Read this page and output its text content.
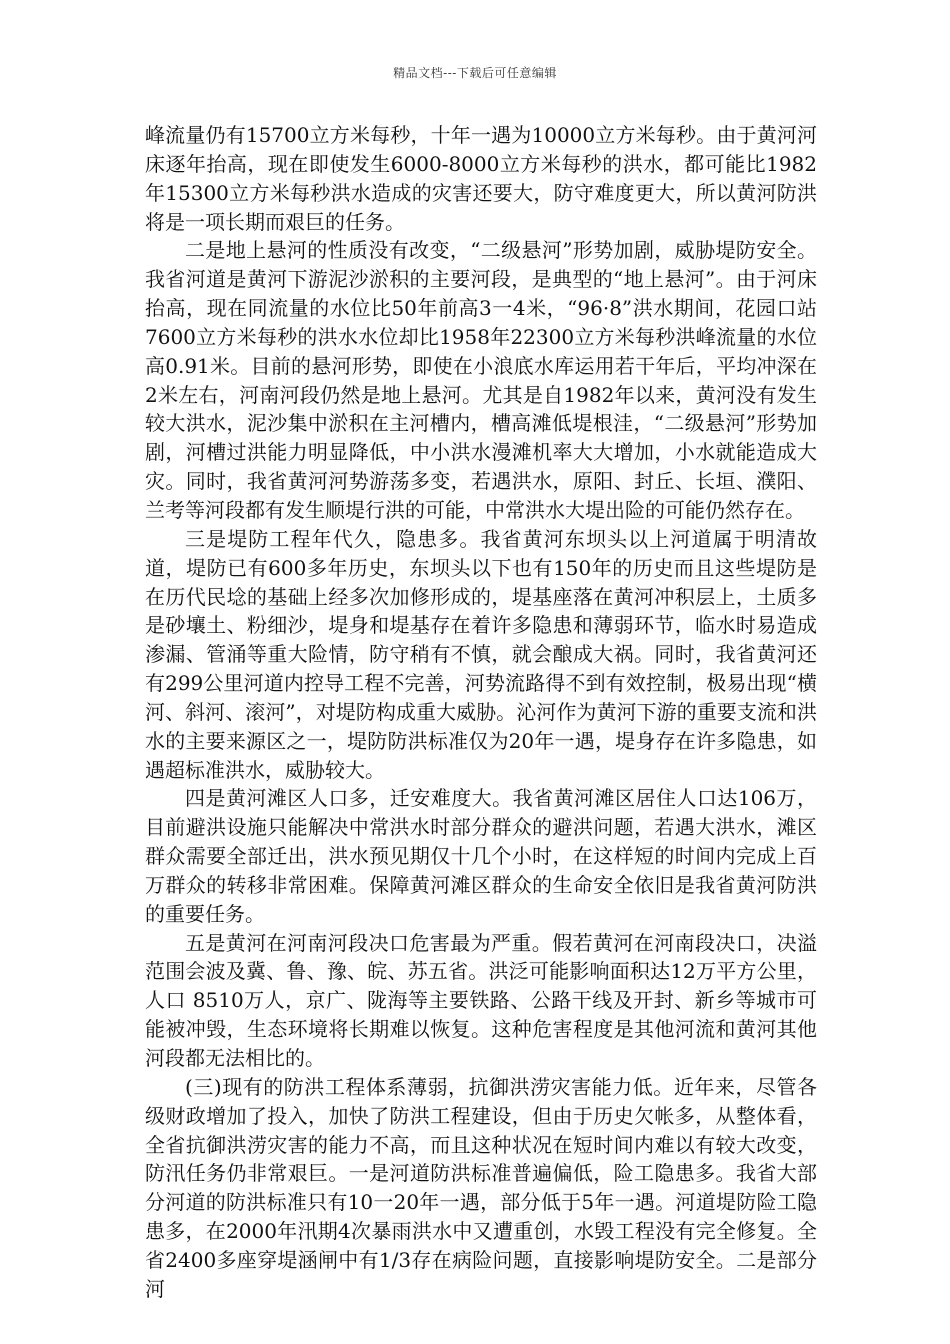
精品文档---下载后可任意编辑

峰流量仍有15700立方米每秒，十年一遇为10000立方米每秒。由于黄河河床逐年抬高，现在即使发生6000-8000立方米每秒的洪水，都可能比1982年15300立方米每秒洪水造成的灾害还要大，防守难度更大，所以黄河防洪将是一项长期而艰巨的任务。

二是地上悬河的性质没有改变，“二级悬河”形势加剧，威胁堤防安全。我省河道是黄河下游泥沙淤积的主要河段，是典型的“地上悬河”。由于河床抬高，现在同流量的水位比50年前高3一4米，“96·8”洪水期间，花园口站7600立方米每秒的洪水水位却比1958年22300立方米每秒洪峰流量的水位高0.91米。目前的悬河形势，即使在小浪底水库运用若干年后，平均冲深在2米左右，河南河段仍然是地上悬河。尤其是自1982年以来，黄河没有发生较大洪水，泥沙集中淤积在主河槽内，槽高滩低堤根洼，“二级悬河”形势加剧，河槽过洪能力明显降低，中小洪水漫滩机率大大增加，小水就能造成大灾。同时，我省黄河河势游荡多变，若遇洪水，原阳、封丘、长垣、濮阳、兰考等河段都有发生顺堤行洪的可能，中常洪水大堤出险的可能仍然存在。

三是堤防工程年代久，隐患多。我省黄河东坝头以上河道属于明清故道，堤防已有600多年历史，东坝头以下也有150年的历史而且这些堤防是在历代民埝的基础上经多次加修形成的，堤基座落在黄河冲积层上，土质多是砂壤土、粉细沙，堤身和堤基存在着许多隐患和薄弱环节，临水时易造成渗漏、管涌等重大险情，防守稍有不慎，就会酿成大祸。同时，我省黄河还有299公里河道内控导工程不完善，河势流路得不到有效控制，极易出现“横河、斜河、滚河”，对堤防构成重大威胁。沁河作为黄河下游的重要支流和洪水的主要来源区之一，堤防防洪标准仅为20年一遇，堤身存在许多隐患，如遇超标准洪水，威胁较大。

四是黄河滩区人口多，迁安难度大。我省黄河滩区居住人口达106万，目前避洪设施只能解决中常洪水时部分群众的避洪问题，若遇大洪水，滩区群众需要全部迁出，洪水预见期仅十几个小时，在这样短的时间内完成上百万群众的转移非常困难。保障黄河滩区群众的生命安全依旧是我省黄河防洪的重要任务。

五是黄河在河南河段决口危害最为严重。假若黄河在河南段决口，决溢范围会波及冀、鲁、豫、皖、苏五省。洪泛可能影响面积达12万平方公里，人口 8510万人，京广、陇海等主要铁路、公路干线及开封、新乡等城市可能被冲毁，生态环境将长期难以恢复。这种危害程度是其他河流和黄河其他河段都无法相比的。

(三)现有的防洪工程体系薄弱，抗御洪涝灾害能力低。近年来，尽管各级财政增加了投入，加快了防洪工程建设，但由于历史欠帐多，从整体看，全省抗御洪涝灾害的能力不高，而且这种状况在短时间内难以有较大改变，防汛任务仍非常艰巨。一是河道防洪标准普遍偏低，险工隐患多。我省大部分河道的防洪标准只有10一20年一遇，部分低于5年一遇。河道堤防险工隐患多，在2000年汛期4次暴雨洪水中又遭重创，水毁工程没有完全修复。全省2400多座穿堤涵闸中有1/3存在病险问题，直接影响堤防安全。二是部分河
